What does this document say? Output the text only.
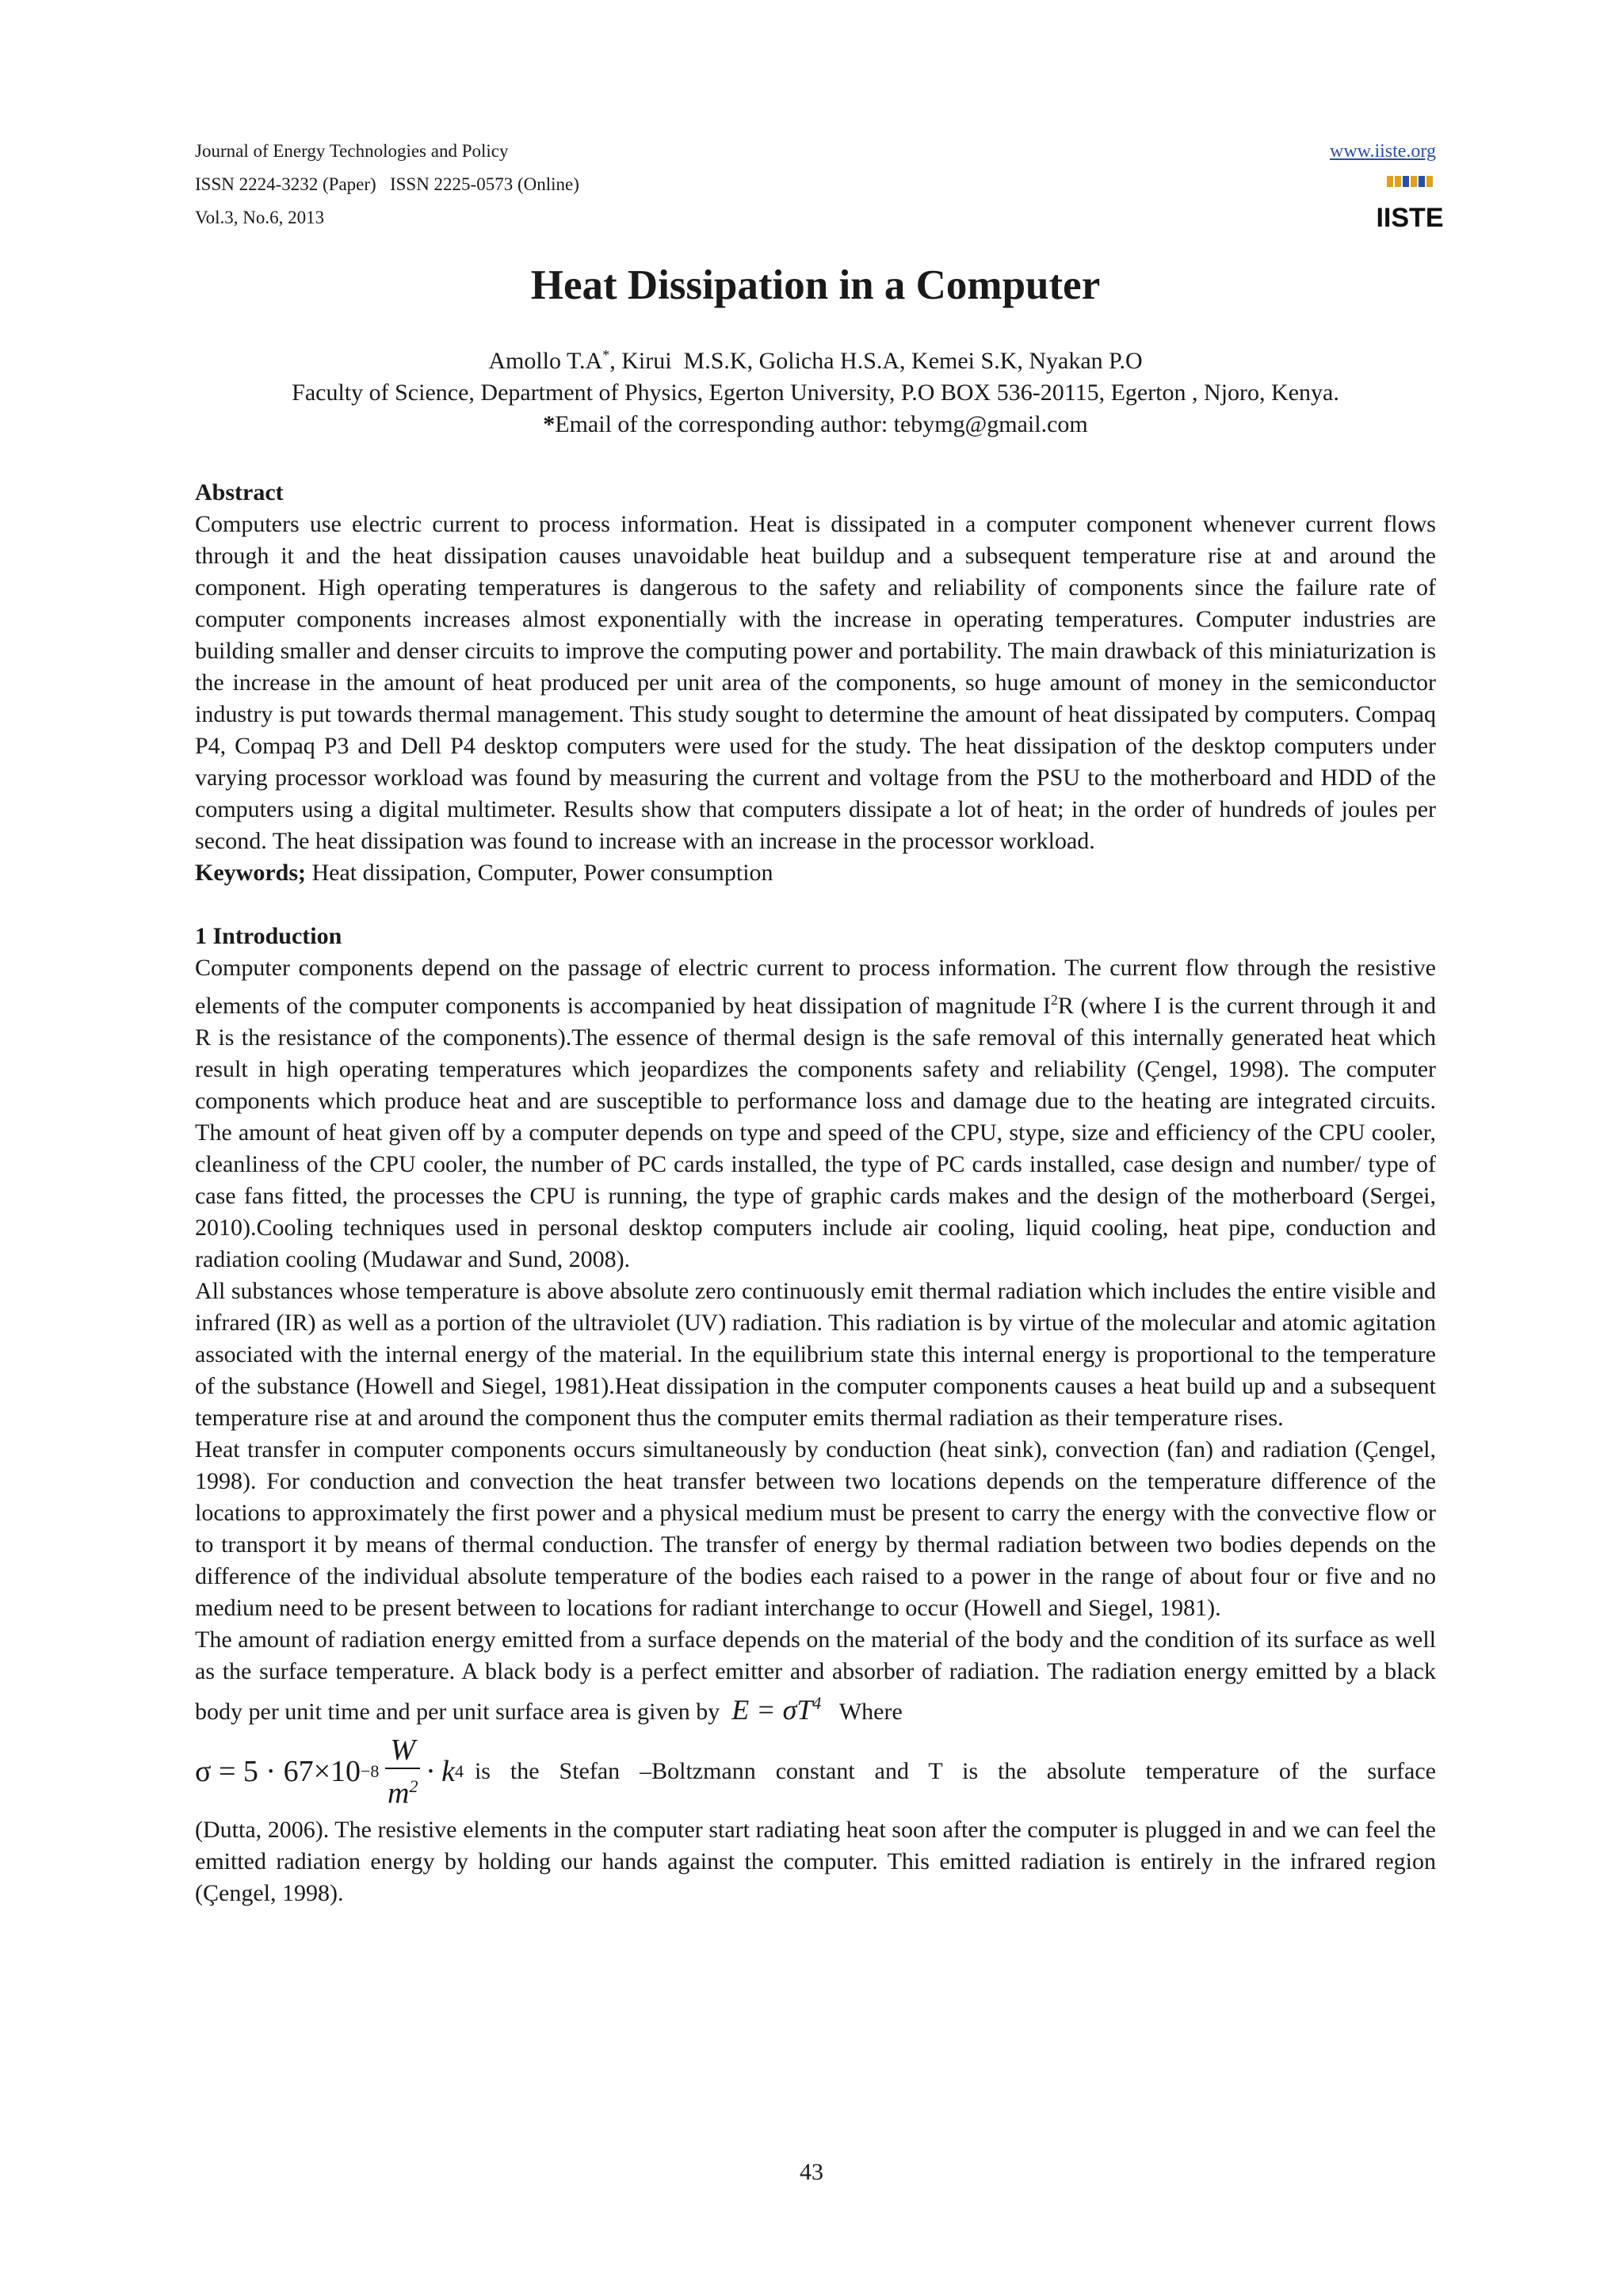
Journal of Energy Technologies and Policy
ISSN 2224-3232 (Paper)   ISSN 2225-0573 (Online)
Vol.3, No.6, 2013
www.iiste.org
IISTE
Heat Dissipation in a Computer
Amollo T.A*, Kirui  M.S.K, Golicha H.S.A, Kemei S.K, Nyakan P.O
Faculty of Science, Department of Physics, Egerton University, P.O BOX 536-20115, Egerton , Njoro, Kenya.
*Email of the corresponding author: tebymg@gmail.com
Abstract

Computers use electric current to process information. Heat is dissipated in a computer component whenever current flows through it and the heat dissipation causes unavoidable heat buildup and a subsequent temperature rise at and around the component. High operating temperatures is dangerous to the safety and reliability of components since the failure rate of computer components increases almost exponentially with the increase in operating temperatures. Computer industries are building smaller and denser circuits to improve the computing power and portability. The main drawback of this miniaturization is the increase in the amount of heat produced per unit area of the components, so huge amount of money in the semiconductor industry is put towards thermal management. This study sought to determine the amount of heat dissipated by computers. Compaq P4, Compaq P3 and Dell P4 desktop computers were used for the study. The heat dissipation of the desktop computers under varying processor workload was found by measuring the current and voltage from the PSU to the motherboard and HDD of the computers using a digital multimeter. Results show that computers dissipate a lot of heat; in the order of hundreds of joules per second. The heat dissipation was found to increase with an increase in the processor workload.

Keywords; Heat dissipation, Computer, Power consumption

1 Introduction

Computer components depend on the passage of electric current to process information. The current flow through the resistive elements of the computer components is accompanied by heat dissipation of magnitude $I^2R$ (where I is the current through it and R is the resistance of the components).The essence of thermal design is the safe removal of this internally generated heat which result in high operating temperatures which jeopardizes the components safety and reliability (Çengel, 1998). The computer components which produce heat and are susceptible to performance loss and damage due to the heating are integrated circuits. The amount of heat given off by a computer depends on type and speed of the CPU, stype, size and efficiency of the CPU cooler, cleanliness of the CPU cooler, the number of PC cards installed, the type of PC cards installed, case design and number/ type of case fans fitted, the processes the CPU is running, the type of graphic cards makes and the design of the motherboard (Sergei, 2010).Cooling techniques used in personal desktop computers include air cooling, liquid cooling, heat pipe, conduction and radiation cooling (Mudawar and Sund, 2008).

All substances whose temperature is above absolute zero continuously emit thermal radiation which includes the entire visible and infrared (IR) as well as a portion of the ultraviolet (UV) radiation. This radiation is by virtue of the molecular and atomic agitation associated with the internal energy of the material. In the equilibrium state this internal energy is proportional to the temperature of the substance (Howell and Siegel, 1981).Heat dissipation in the computer components causes a heat build up and a subsequent temperature rise at and around the component thus the computer emits thermal radiation as their temperature rises.

Heat transfer in computer components occurs simultaneously by conduction (heat sink), convection (fan) and radiation (Çengel, 1998). For conduction and convection the heat transfer between two locations depends on the temperature difference of the locations to approximately the first power and a physical medium must be present to carry the energy with the convective flow or to transport it by means of thermal conduction. The transfer of energy by thermal radiation between two bodies depends on the difference of the individual absolute temperature of the bodies each raised to a power in the range of about four or five and no medium need to be present between to locations for radiant interchange to occur (Howell and Siegel, 1981).

The amount of radiation energy emitted from a surface depends on the material of the body and the condition of its surface as well as the surface temperature. A black body is a perfect emitter and absorber of radiation. The radiation energy emitted by a black body per unit time and per unit surface area is given by $E = \sigma T^4$ Where

$\sigma = 5 \cdot 67\times 10 -8 \frac{W}{m^2} \cdot k$ 4 is the Stefan –Boltzmann constant and T is the absolute temperature of the surface

(Dutta, 2006). The resistive elements in the computer start radiating heat soon after the computer is plugged in and we can feel the emitted radiation energy by holding our hands against the computer. This emitted radiation is entirely in the infrared region (Çengel, 1998).

43
